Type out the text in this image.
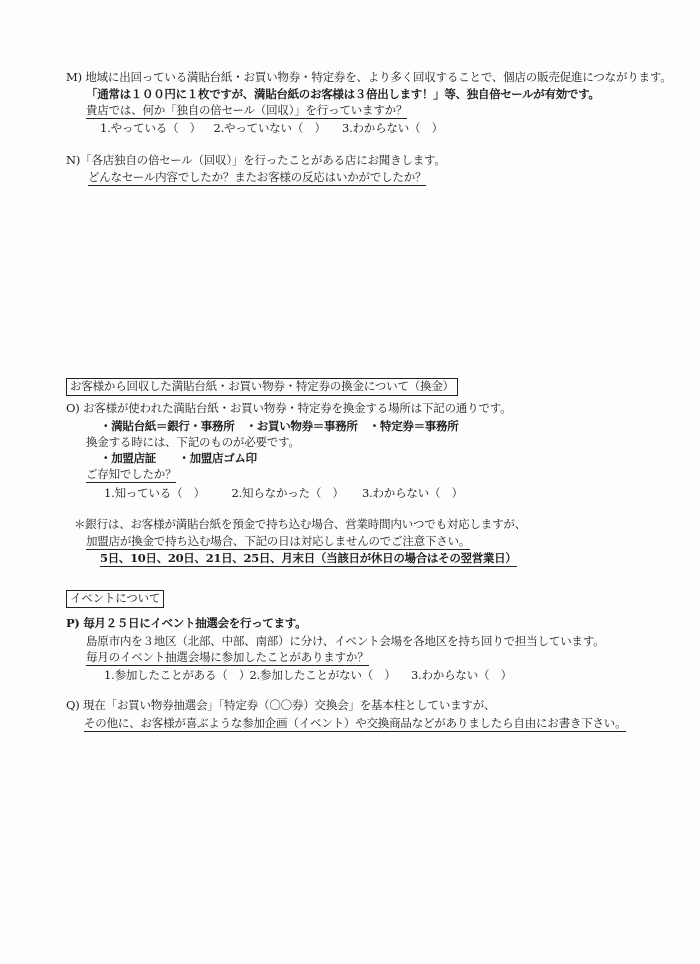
M) 地域に出回っている満貼台紙・お買い物券・特定券を、より多く回収することで、個店の販売促進につながります。
「通常は１００円に１枚ですが、満貼台紙のお客様は３倍出します！」等、独自倍セールが有効です。
貴店では、何か「独自の倍セール（回収）」を行っていますか？
1.やっている（　） 2.やっていない（　） 3.わからない（　）
N)「各店独自の倍セール（回収）」を行ったことがある店にお聞きします。
どんなセール内容でしたか？またお客様の反応はいかがでしたか？
お客様から回収した満貼台紙・お買い物券・特定券の換金について（換金）
O) お客様が使われた満貼台紙・お買い物券・特定券を換金する場所は下記の通りです。
・満貼台紙＝銀行・事務所　・お買い物券＝事務所　・特定券＝事務所
換金する時には、下記のものが必要です。
・加盟店証　　・加盟店ゴム印
ご存知でしたか？
1.知っている（　） 2.知らなかった（　） 3.わからない（　）
＊銀行は、お客様が満貼台紙を預金で持ち込む場合、営業時間内いつでも対応しますが、
加盟店が換金で持ち込む場合、下記の日は対応しませんのでご注意下さい。
5日、10日、20日、21日、25日、月末日（当該日が休日の場合はその翌営業日）
イベントについて
P) 毎月２５日にイベント抽選会を行ってます。
島原市内を３地区（北部、中部、南部）に分け、イベント会場を各地区を持ち回りで担当しています。
毎月のイベント抽選会場に参加したことがありますか？
1.参加したことがある（　） 2.参加したことがない（　） 3.わからない（　）
Q) 現在「お買い物券抽選会」「特定券（〇〇券）交換会」を基本柱としていますが、
その他に、お客様が喜ぶような参加企画（イベント）や交換商品などがありましたら自由にお書き下さい。
